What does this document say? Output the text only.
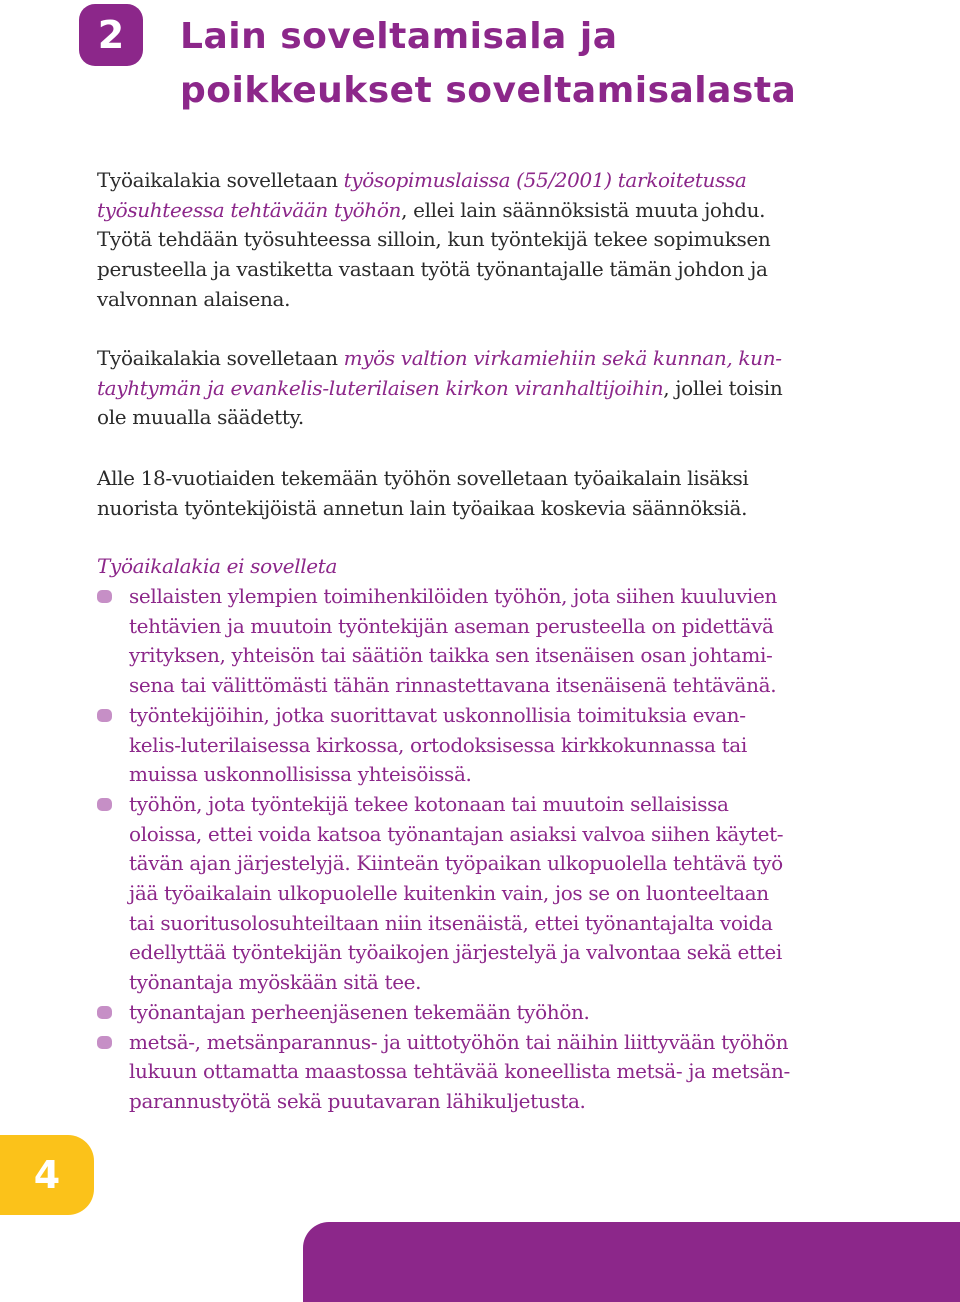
2	Lain soveltamisala ja
poikkeukset soveltamisalasta

Työaikalakia sovelletaan työsopimuslaissa (55/2001) tarkoitetussa
työsuhteessa tehtävään työhön, ellei lain säännöksistä muuta johdu.
Työtä tehdään työsuhteessa silloin, kun työntekijä tekee sopimuksen
perusteella ja vastiketta vastaan työtä työnantajalle tämän johdon ja
valvonnan alaisena.

Työaikalakia sovelletaan myös valtion virkamiehiin sekä kunnan, kun-
tayhtymän ja evankelis-luterilaisen kirkon viranhaltijoihin, jollei toisin
ole muualla säädetty.

Alle 18-vuotiaiden tekemään työhön sovelletaan työaikalain lisäksi
nuorista työntekijöistä annetun lain työaikaa koskevia säännöksiä.

Työaikalakia ei sovelleta

sellaisten ylempien toimihenkilöiden työhön, jota siihen kuuluvien
tehtävien ja muutoin työntekijän aseman perusteella on pidettävä
yrityksen, yhteisön tai säätiön taikka sen itsenäisen osan johtami-
sena tai välittömästi tähän rinnastettavana itsenäisenä tehtävänä.
työntekijöihin, jotka suorittavat uskonnollisia toimituksia evan-
kelis-luterilaisessa kirkossa, ortodoksisessa kirkkokunnassa tai
muissa uskonnollisissa yhteisöissä.
työhön, jota työntekijä tekee kotonaan tai muutoin sellaisissa
oloissa, ettei voida katsoa työnantajan asiaksi valvoa siihen käytet-
tävän ajan järjestelyjä. Kiinteän työpaikan ulkopuolella tehtävä työ
jää työaikalain ulkopuolelle kuitenkin vain, jos se on luonteeltaan
tai suoritusolosuhteiltaan niin itsenäistä, ettei työnantajalta voida
edellyttää työntekijän työaikojen järjestelyä ja valvontaa sekä ettei
työnantaja myöskään sitä tee.
työnantajan perheenjäsenen tekemään työhön.
metsä-, metsänparannus- ja uittotyöhön tai näihin liittyvään työhön
lukuun ottamatta maastossa tehtävää koneellista metsä- ja metsän-
parannustyötä sekä puutavaran lähikuljetusta.
4
